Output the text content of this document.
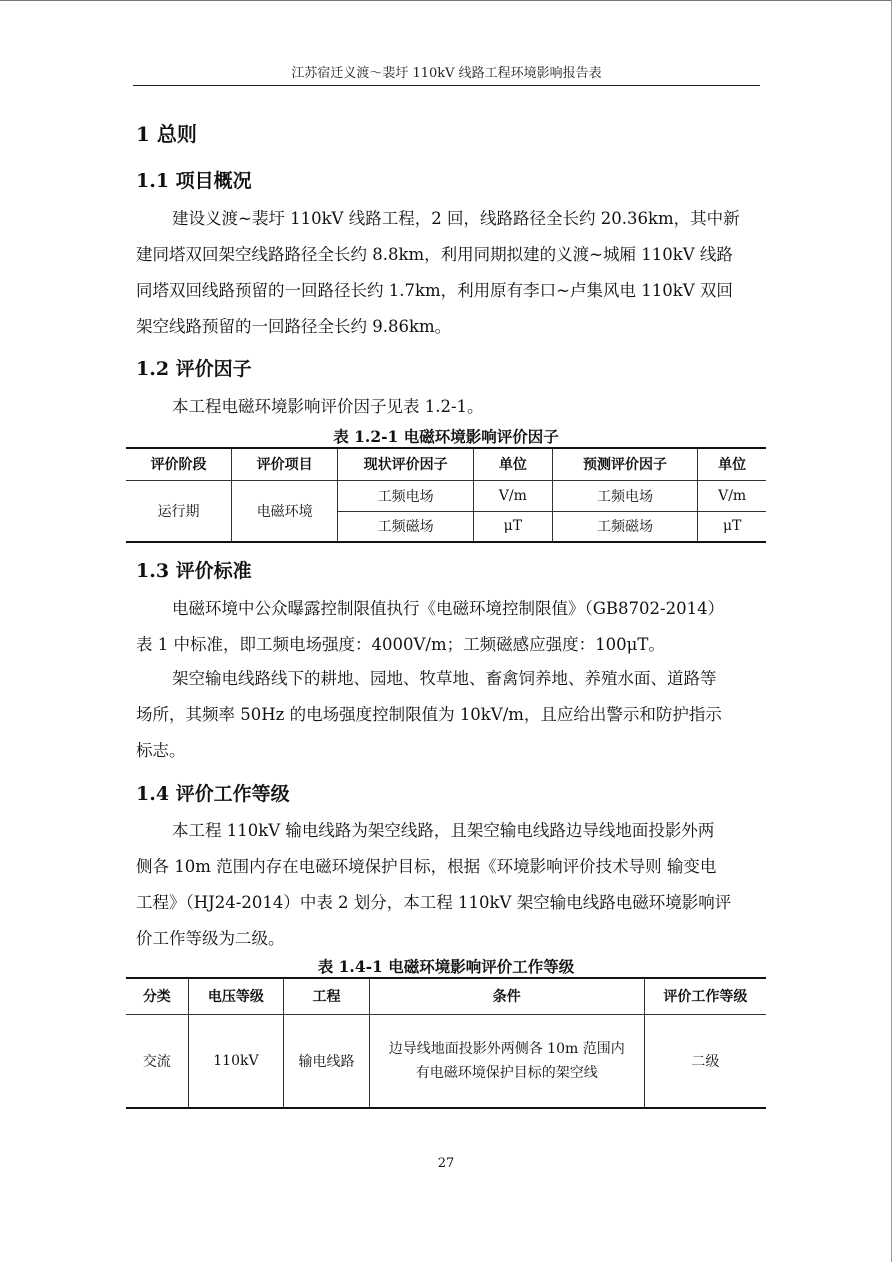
江苏宿迁义渡～裴圩 110kV 线路工程环境影响报告表
1 总则
1.1 项目概况
建设义渡~裴圩 110kV 线路工程，2 回，线路路径全长约 20.36km，其中新
建同塔双回架空线路路径全长约 8.8km，利用同期拟建的义渡~城厢 110kV 线路
同塔双回线路预留的一回路径长约 1.7km，利用原有李口~卢集风电 110kV 双回
架空线路预留的一回路径全长约 9.86km。
1.2 评价因子
本工程电磁环境影响评价因子见表 1.2-1。
表 1.2-1 电磁环境影响评价因子
评价阶段	评价项目	现状评价因子	单位	预测评价因子	单位
运行期	电磁环境	工频电场	V/m	工频电场	V/m
		工频磁场	μT	工频磁场	μT
1.3 评价标准
电磁环境中公众曝露控制限值执行《电磁环境控制限值》（GB8702-2014）
表 1 中标准，即工频电场强度：4000V/m；工频磁感应强度：100μT。
架空输电线路线下的耕地、园地、牧草地、畜禽饲养地、养殖水面、道路等
场所，其频率 50Hz 的电场强度控制限值为 10kV/m，且应给出警示和防护指示
标志。
1.4 评价工作等级
本工程 110kV 输电线路为架空线路，且架空输电线路边导线地面投影外两
侧各 10m 范围内存在电磁环境保护目标，根据《环境影响评价技术导则 输变电
工程》（HJ24-2014）中表 2 划分，本工程 110kV 架空输电线路电磁环境影响评
价工作等级为二级。
表 1.4-1 电磁环境影响评价工作等级
分类	电压等级	工程	条件	评价工作等级
交流	110kV	输电线路	边导线地面投影外两侧各 10m 范围内
有电磁环境保护目标的架空线	二级
27
